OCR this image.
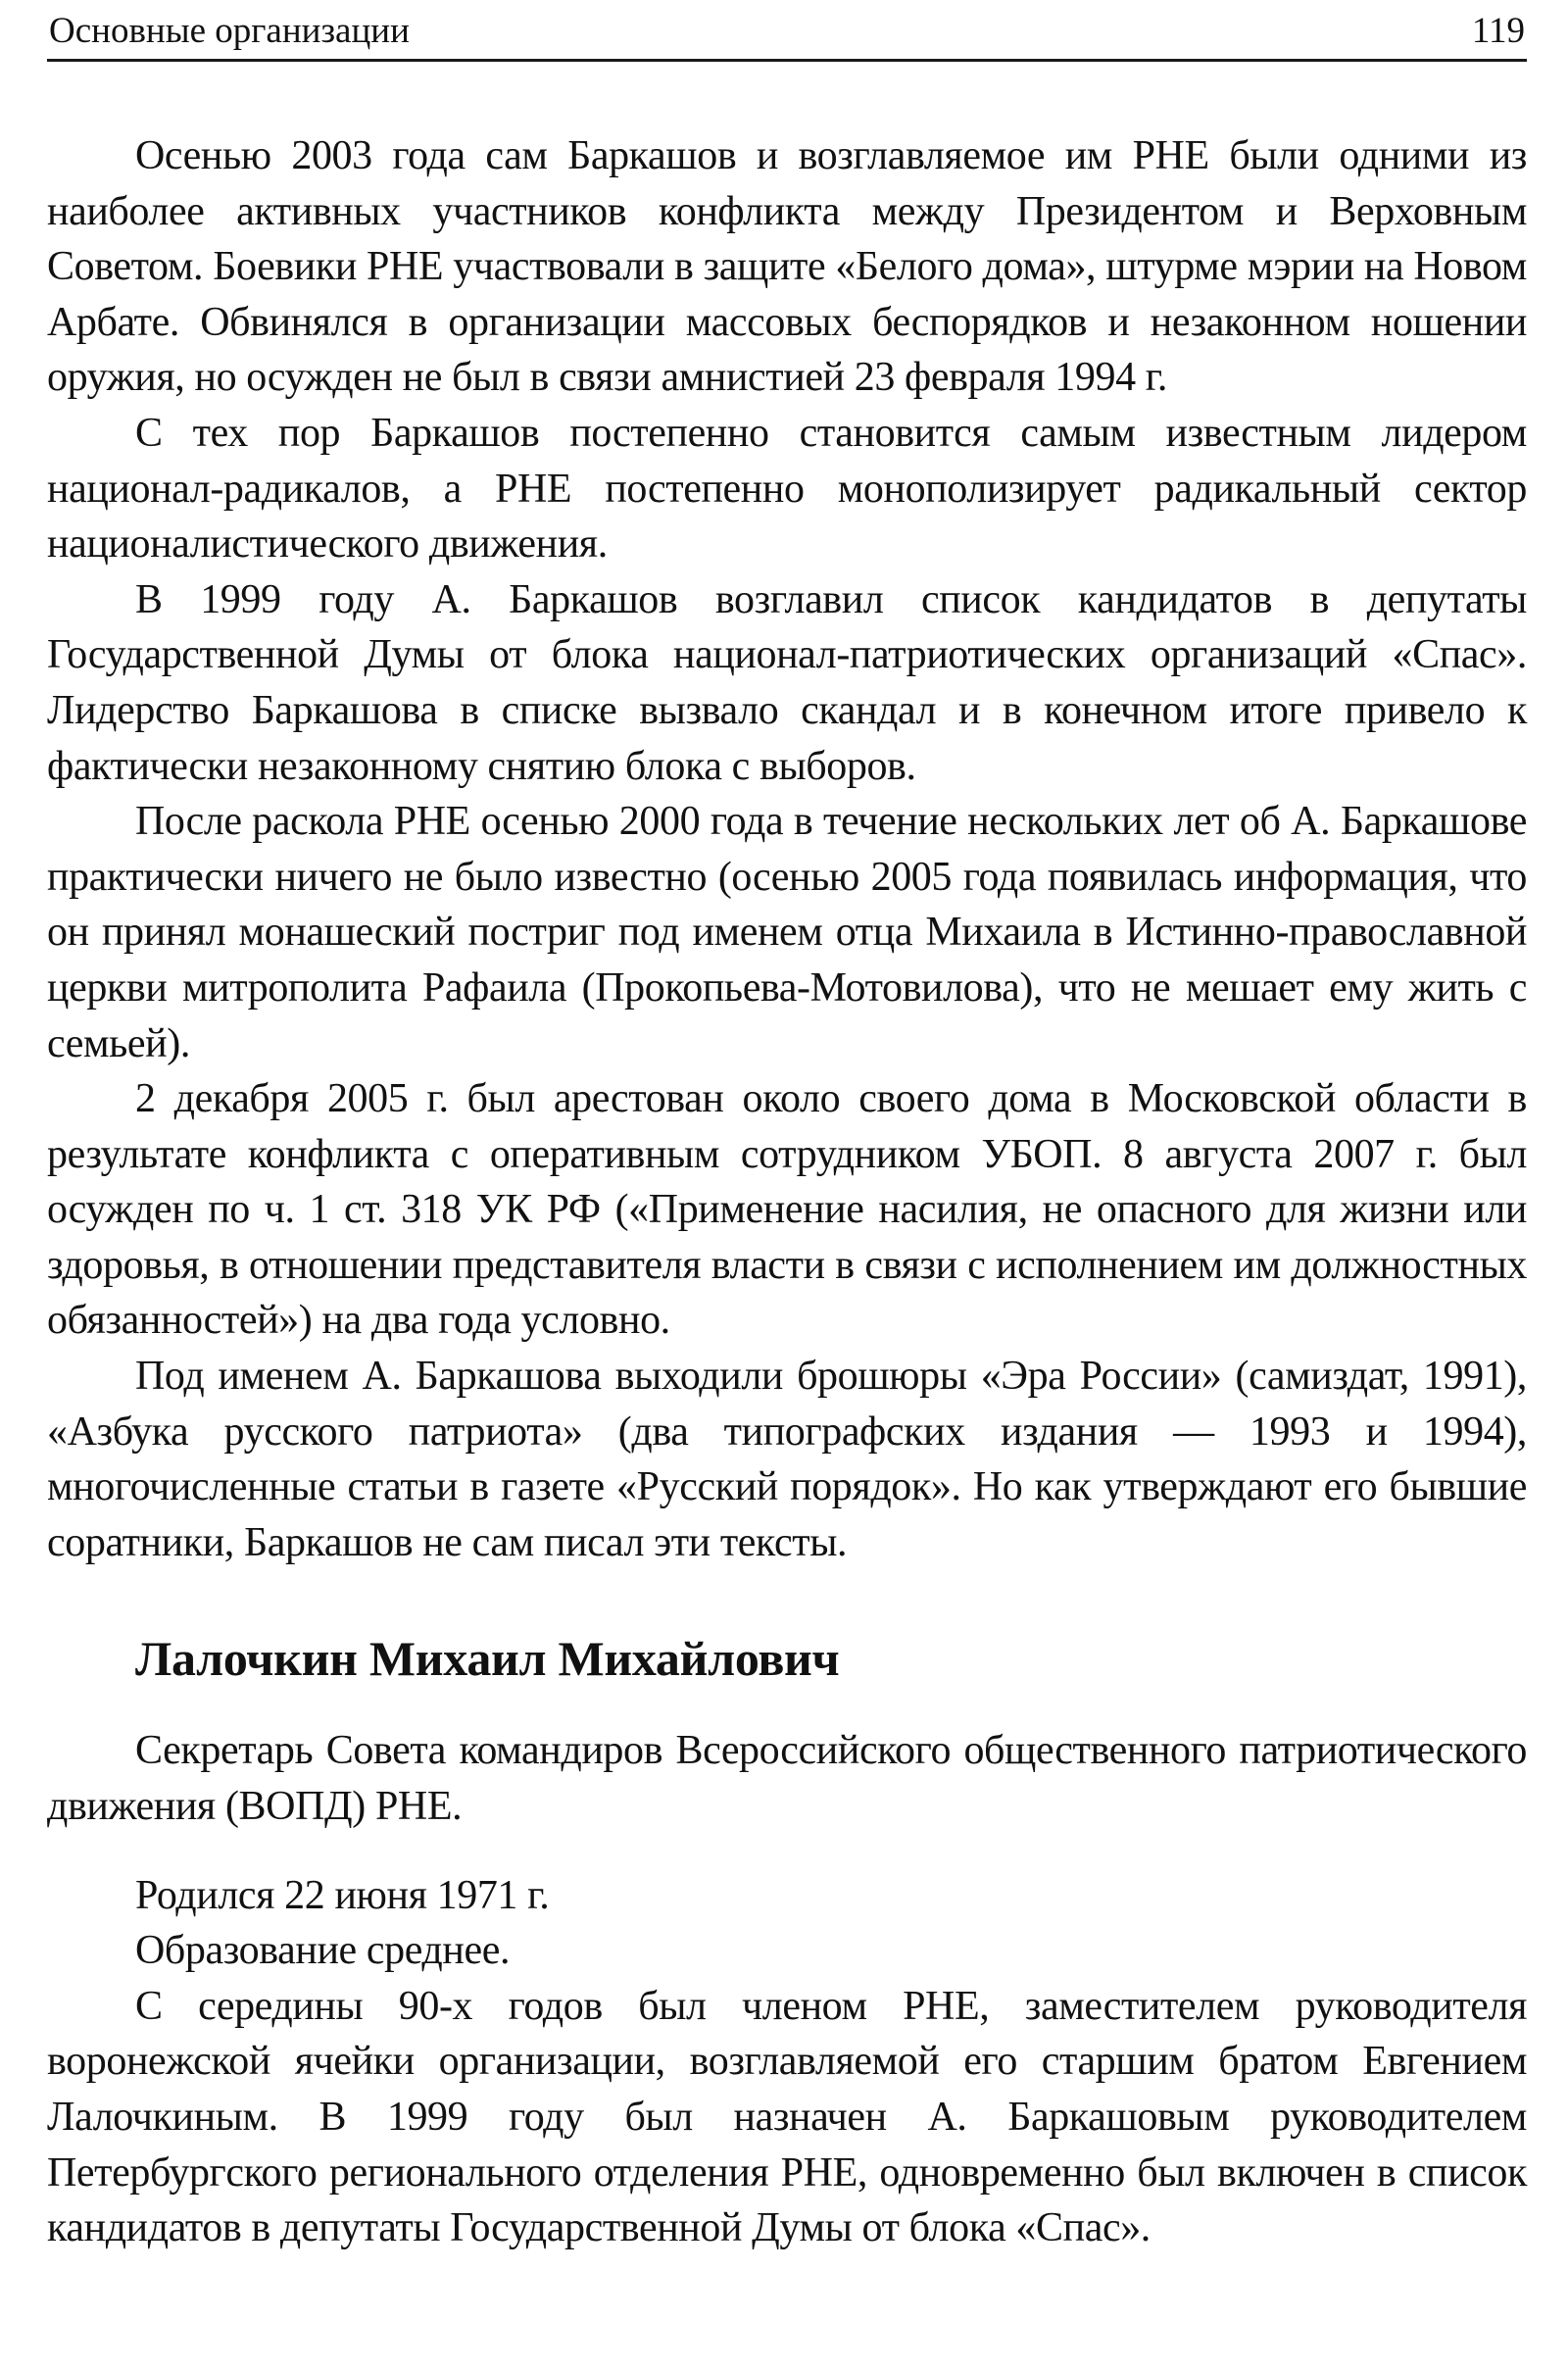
Основные организации	119

Осенью 2003 года сам Баркашов и возглавляемое им РНЕ были одними из наиболее активных участников конфликта между Президентом и Верховным Советом. Боевики РНЕ участвовали в защите «Белого дома», штурме мэрии на Новом Арбате. Обвинялся в организации массовых беспорядков и незаконном ношении оружия, но осужден не был в связи амнистией 23 февраля 1994 г.

С тех пор Баркашов постепенно становится самым известным лидером национал-радикалов, а РНЕ постепенно монополизирует радикальный сектор националистического движения.

В 1999 году А. Баркашов возглавил список кандидатов в депутаты Государственной Думы от блока национал-патриотических организаций «Спас». Лидерство Баркашова в списке вызвало скандал и в конечном итоге привело к фактически незаконному снятию блока с выборов.

После раскола РНЕ осенью 2000 года в течение нескольких лет об А. Баркашове практически ничего не было известно (осенью 2005 года появилась информация, что он принял монашеский постриг под именем отца Михаила в Истинно-православной церкви митрополита Рафаила (Прокопьева-Мотовилова), что не мешает ему жить с семьей).

2 декабря 2005 г. был арестован около своего дома в Московской области в результате конфликта с оперативным сотрудником УБОП. 8 августа 2007 г. был осужден по ч. 1 ст. 318 УК РФ («Применение насилия, не опасного для жизни или здоровья, в отношении представителя власти в связи с исполнением им должностных обязанностей») на два года условно.

Под именем А. Баркашова выходили брошюры «Эра России» (самиздат, 1991), «Азбука русского патриота» (два типографских издания — 1993 и 1994), многочисленные статьи в газете «Русский порядок». Но как утверждают его бывшие соратники, Баркашов не сам писал эти тексты.

Лалочкин Михаил Михайлович

Секретарь Совета командиров Всероссийского общественного патриотического движения (ВОПД) РНЕ.

Родился 22 июня 1971 г.

Образование среднее.

С середины 90-х годов был членом РНЕ, заместителем руководителя воронежской ячейки организации, возглавляемой его старшим братом Евгением Лалочкиным. В 1999 году был назначен А. Баркашовым руководителем Петербургского регионального отделения РНЕ, одновременно был включен в список кандидатов в депутаты Государственной Думы от блока «Спас».
